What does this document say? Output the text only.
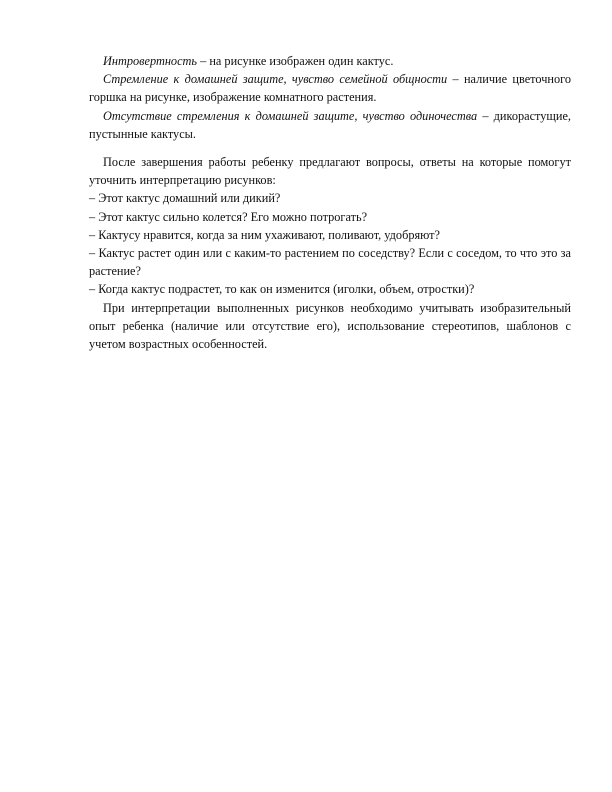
Интровертность – на рисунке изображен один кактус.

Стремление к домашней защите, чувство семейной общности – наличие цветочного горшка на рисунке, изображение комнатного растения.

Отсутствие стремления к домашней защите, чувство одиночества – дикорастущие, пустынные кактусы.

После завершения работы ребенку предлагают вопросы, ответы на которые помогут уточнить интерпретацию рисунков:

– Этот кактус домашний или дикий?

– Этот кактус сильно колется? Его можно потрогать?

– Кактусу нравится, когда за ним ухаживают, поливают, удобряют?

– Кактус растет один или с каким-то растением по соседству? Если с соседом, то что это за растение?

– Когда кактус подрастет, то как он изменится (иголки, объем, отростки)?

При интерпретации выполненных рисунков необходимо учитывать изобразительный опыт ребенка (наличие или отсутствие его), использование стереотипов, шаблонов с учетом возрастных особенностей.
